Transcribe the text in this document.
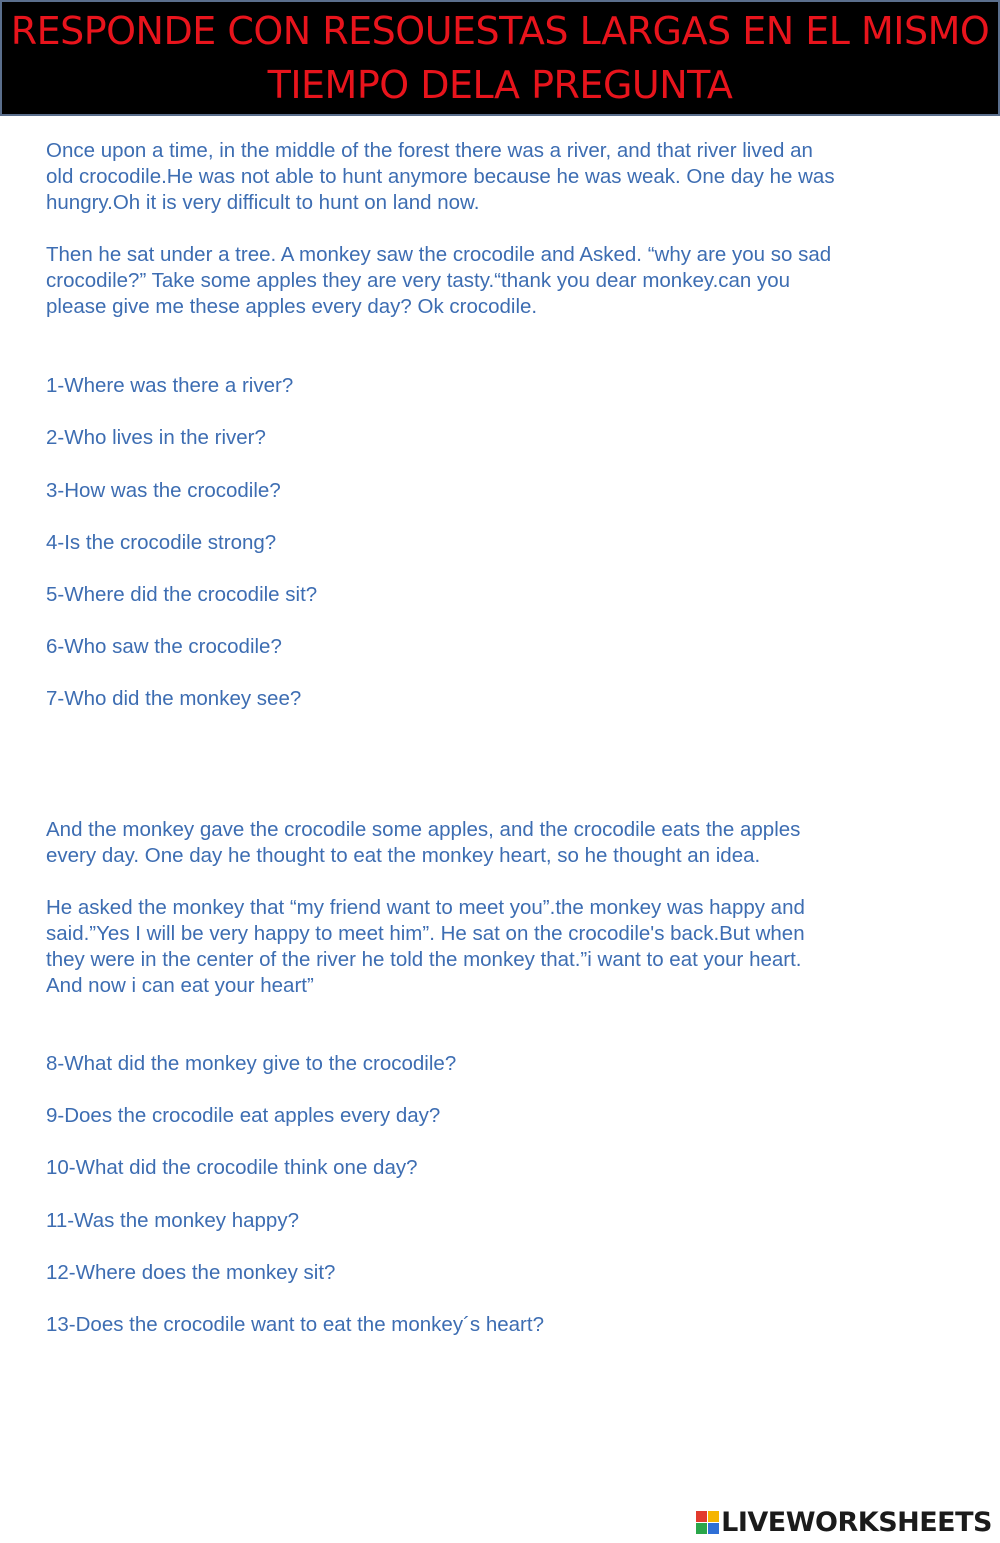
RESPONDE CON RESOUESTAS LARGAS EN EL MISMO
TIEMPO DELA PREGUNTA

Once upon a time, in the middle of the forest there was a river, and that river lived an
old crocodile.He was not able to hunt anymore because he was weak. One day he was
hungry.Oh it is very difficult to hunt on land now.

Then he sat under a tree. A monkey saw the crocodile and Asked. “why are you so sad
crocodile?” Take some apples they are very tasty.“thank you dear monkey.can you
please give me these apples every day? Ok crocodile.

1-Where was there a river?
2-Who lives in the river?
3-How was the crocodile?
4-Is the crocodile strong?
5-Where did the crocodile sit?
6-Who saw the crocodile?
7-Who did the monkey see?

And the monkey gave the crocodile some apples, and the crocodile eats the apples
every day. One day he thought to eat the monkey heart, so he thought an idea.

He asked the monkey that “my friend want to meet you”.the monkey was happy and
said.”Yes I will be very happy to meet him”. He sat on the crocodile's back.But when
they were in the center of the river he told the monkey that.”i want to eat your heart.
And now i can eat your heart”

8-What did the monkey give to the crocodile?
9-Does the crocodile eat apples every day?
10-What did the crocodile think one day?
11-Was the monkey happy?
12-Where does the monkey sit?
13-Does the crocodile want to eat the monkey´s heart?
LIVEWORKSHEETS
